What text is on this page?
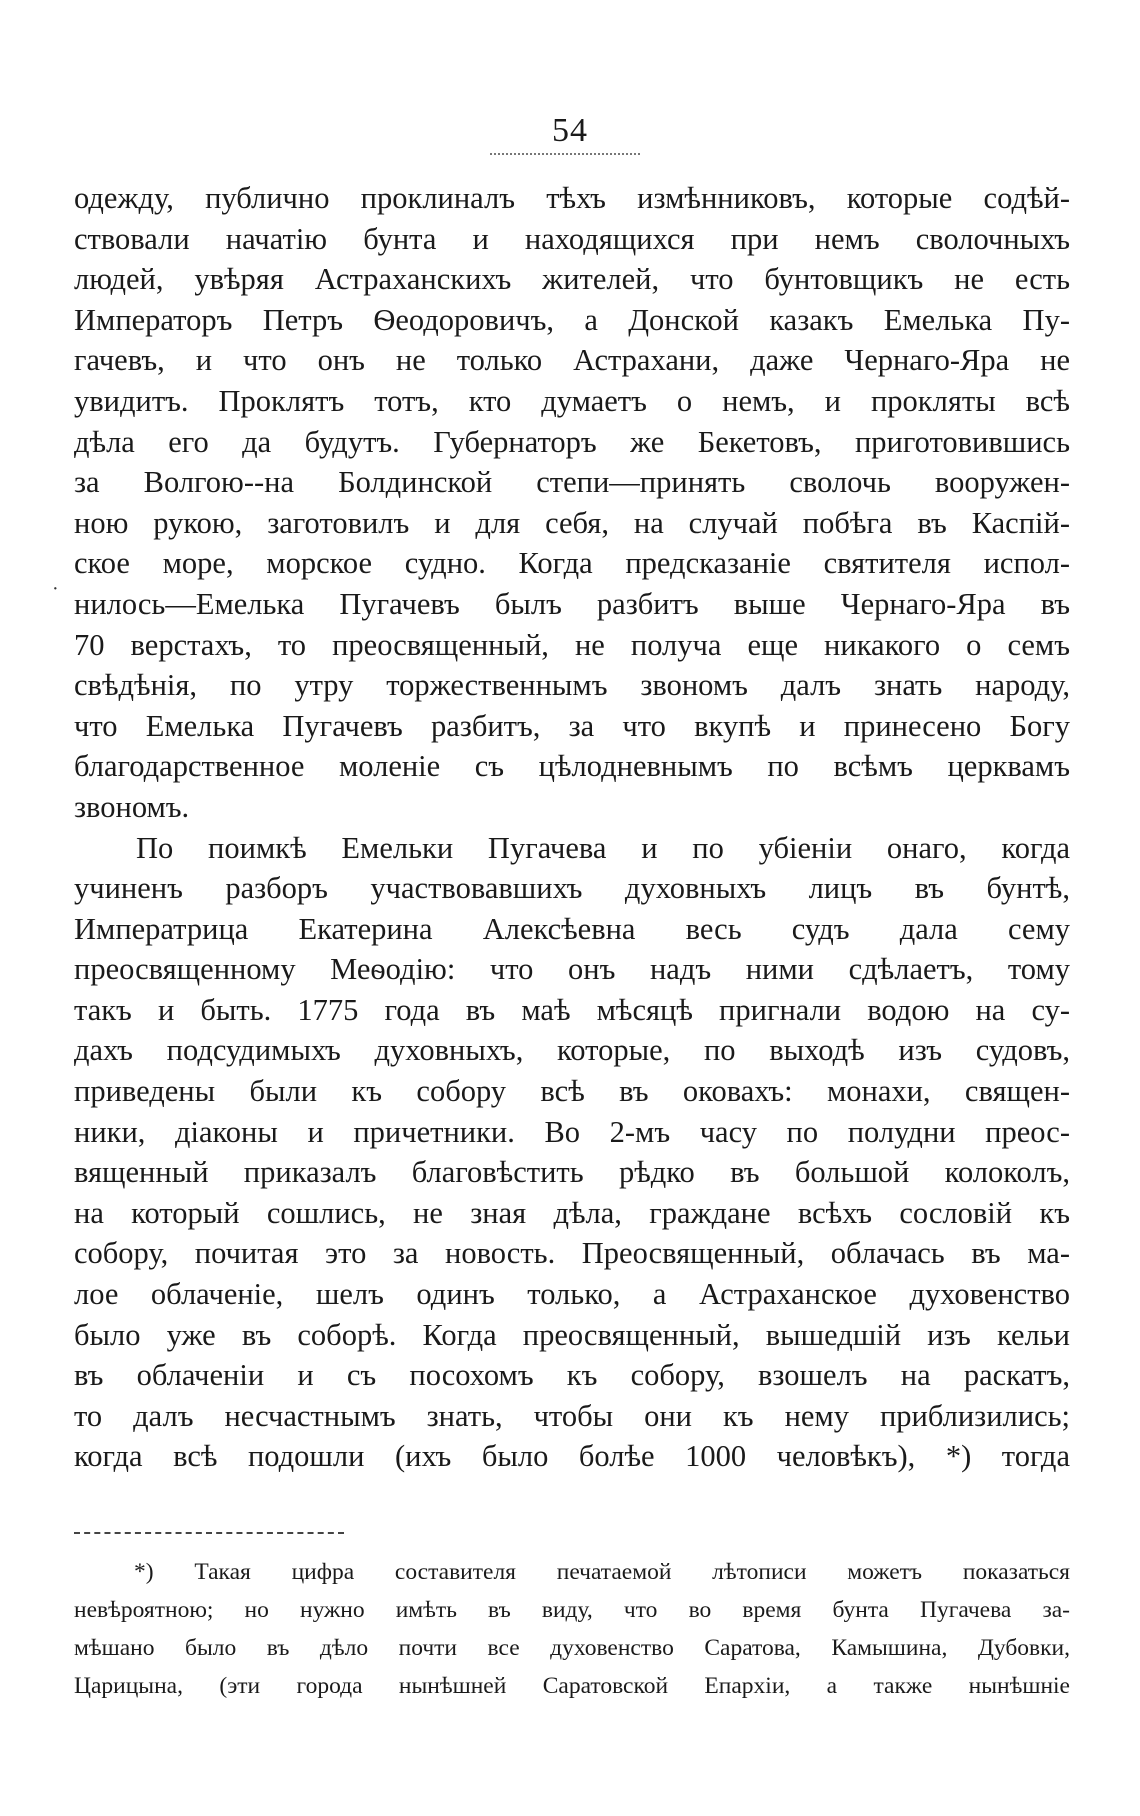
54
·
одежду, публично проклиналъ тѣхъ измѣнниковъ, которые содѣй-
ствовали начатію бунта и находящихся при немъ сволочныхъ
людей, увѣряя Астраханскихъ жителей, что бунтовщикъ не есть
Императоръ Петръ Ѳеодоровичъ, а Донской казакъ Емелька Пу-
гачевъ, и что онъ не только Астрахани, даже Чернаго-Яра не
увидитъ. Проклятъ тотъ, кто думаетъ о немъ, и прокляты всѣ
дѣла его да будутъ. Губернаторъ же Бекетовъ, приготовившись
за Волгою--на Болдинской степи—принять сволочь вооружен-
ною рукою, заготовилъ и для себя, на случай побѣга въ Каспій-
ское море, морское судно. Когда предсказаніе святителя испол-
нилось—Емелька Пугачевъ былъ разбитъ выше Чернаго-Яра въ
70 верстахъ, то преосвященный, не получа еще никакого о семъ
свѣдѣнія, по утру торжественнымъ звономъ далъ знать народу,
что Емелька Пугачевъ разбитъ, за что вкупѣ и принесено Богу
благодарственное моленіе съ цѣлодневнымъ по всѣмъ церквамъ
звономъ.
По поимкѣ Емельки Пугачева и по убіеніи онаго, когда
учиненъ разборъ участвовавшихъ духовныхъ лицъ въ бунтѣ,
Императрица Екатерина Алексѣевна весь судъ дала сему
преосвященному Меѳодію: что онъ надъ ними сдѣлаетъ, тому
такъ и быть. 1775 года въ маѣ мѣсяцѣ пригнали водою на су-
дахъ подсудимыхъ духовныхъ, которые, по выходѣ изъ судовъ,
приведены были къ собору всѣ въ оковахъ: монахи, священ-
ники, діаконы и причетники. Во 2-мъ часу по полудни преос-
вященный приказалъ благовѣстить рѣдко въ большой колоколъ,
на который сошлись, не зная дѣла, граждане всѣхъ сословій къ
собору, почитая это за новость. Преосвященный, облачась въ ма-
лое облаченіе, шелъ одинъ только, а Астраханское духовенство
было уже въ соборѣ. Когда преосвященный, вышедшій изъ кельи
въ облаченіи и съ посохомъ къ собору, взошелъ на раскатъ,
то далъ несчастнымъ знать, чтобы они къ нему приблизились;
когда всѣ подошли (ихъ было болѣе 1000 человѣкъ), *) тогда
*) Такая цифра составителя печатаемой лѣтописи можетъ показаться
невѣроятною; но нужно имѣть въ виду, что во время бунта Пугачева за-
мѣшано было въ дѣло почти все духовенство Саратова, Камышина, Дубовки,
Царицына, (эти города нынѣшней Саратовской Епархіи, а также нынѣшніе
